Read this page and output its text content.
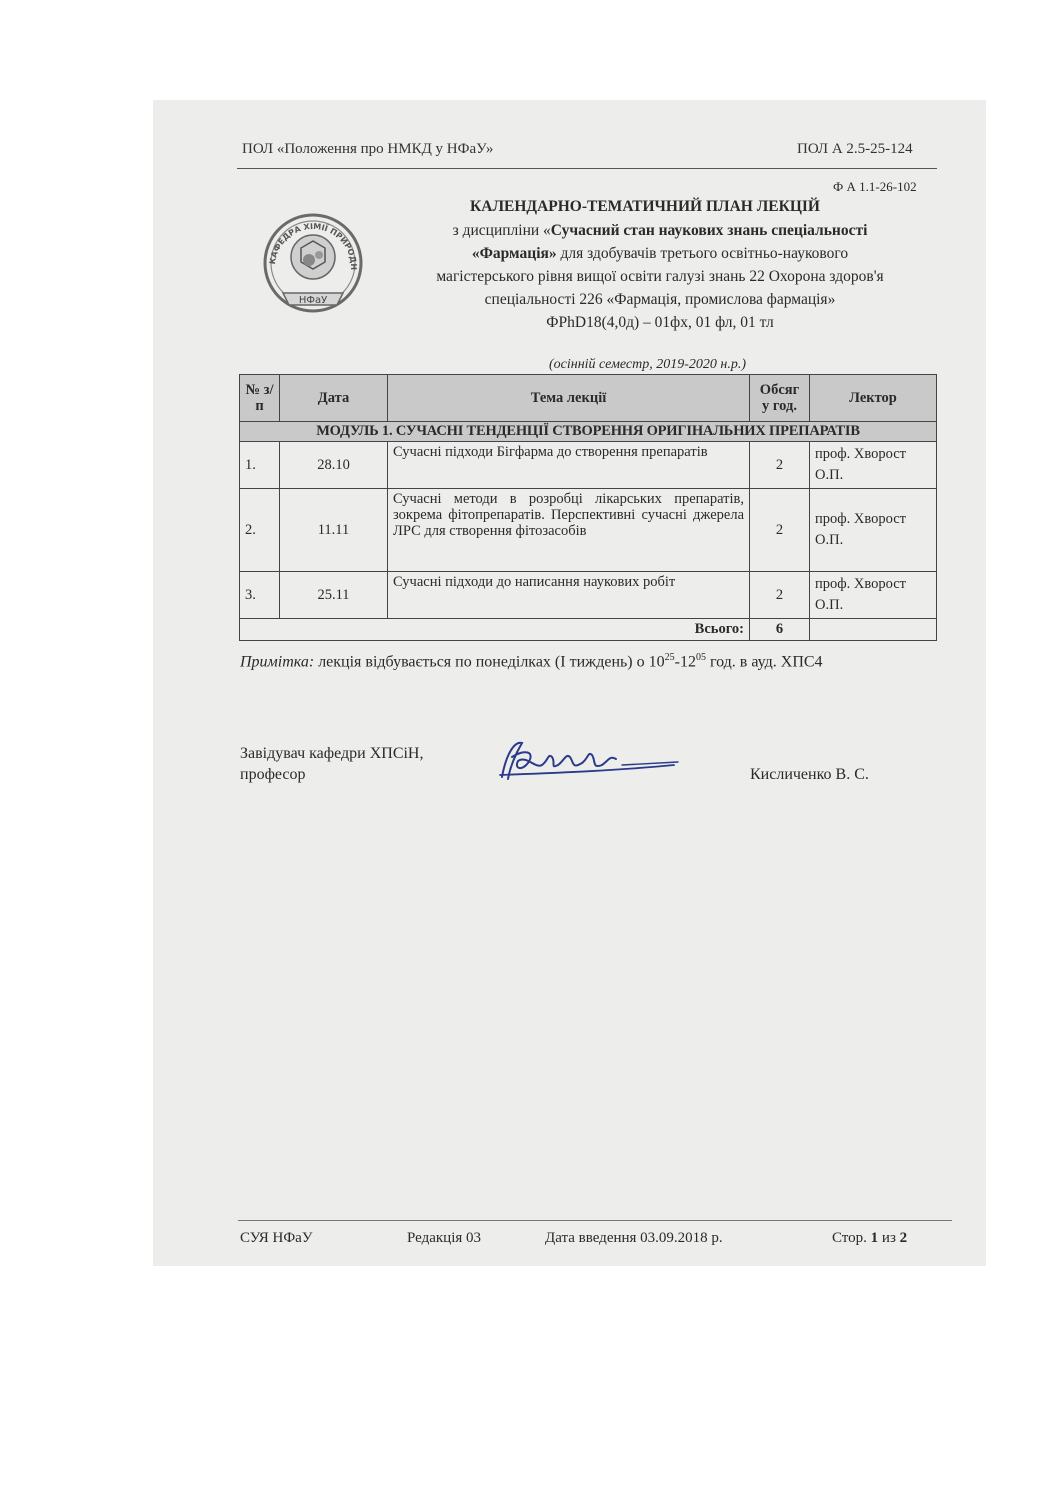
ПОЛ «Положення про НМКД у НФаУ»	ПОЛ А 2.5-25-124
Ф А 1.1-26-102
КАФЕДРА ХІМІЇ ПРИРОДН
НФаУ
КАЛЕНДАРНО-ТЕМАТИЧНИЙ ПЛАН ЛЕКЦІЙ
з дисципліни «Сучасний стан наукових знань спеціальності
«Фармація» для здобувачів третього освітньо-наукового
магістерського рівня вищої освіти галузі знань 22 Охорона здоров'я
спеціальності 226 «Фармація, промислова фармація»
ФPhD18(4,0д) – 01фх, 01 фл, 01 тл
(осінній семестр, 2019-2020 н.р.)
№ з/п	Дата	Тема лекції	Обсяг у год.	Лектор
МОДУЛЬ 1. СУЧАСНІ ТЕНДЕНЦІЇ СТВОРЕННЯ ОРИГІНАЛЬНИХ ПРЕПАРАТІВ				
1.	28.10	Сучасні підходи Бігфарма до створення препаратів	2	проф. Хворост О.П.
2.	11.11	Сучасні методи в розробці лікарських препаратів, зокрема фітопрепаратів. Перспективні сучасні джерела ЛРС для створення фітозасобів	2	проф. Хворост О.П.
3.	25.11	Сучасні підходи до написання наукових робіт	2	проф. Хворост О.П.
Всього:			6	
Примітка: лекція відбувається по понеділках (І тиждень) о $10^{25}-12^{05}$ год. в ауд. ХПС4
Завідувач кафедри ХПСіН,
професор	Кисличенко В. С.
СУЯ НФаУ	Редакція 03	Дата введення 03.09.2018 р.	Стор. 1 из 2
